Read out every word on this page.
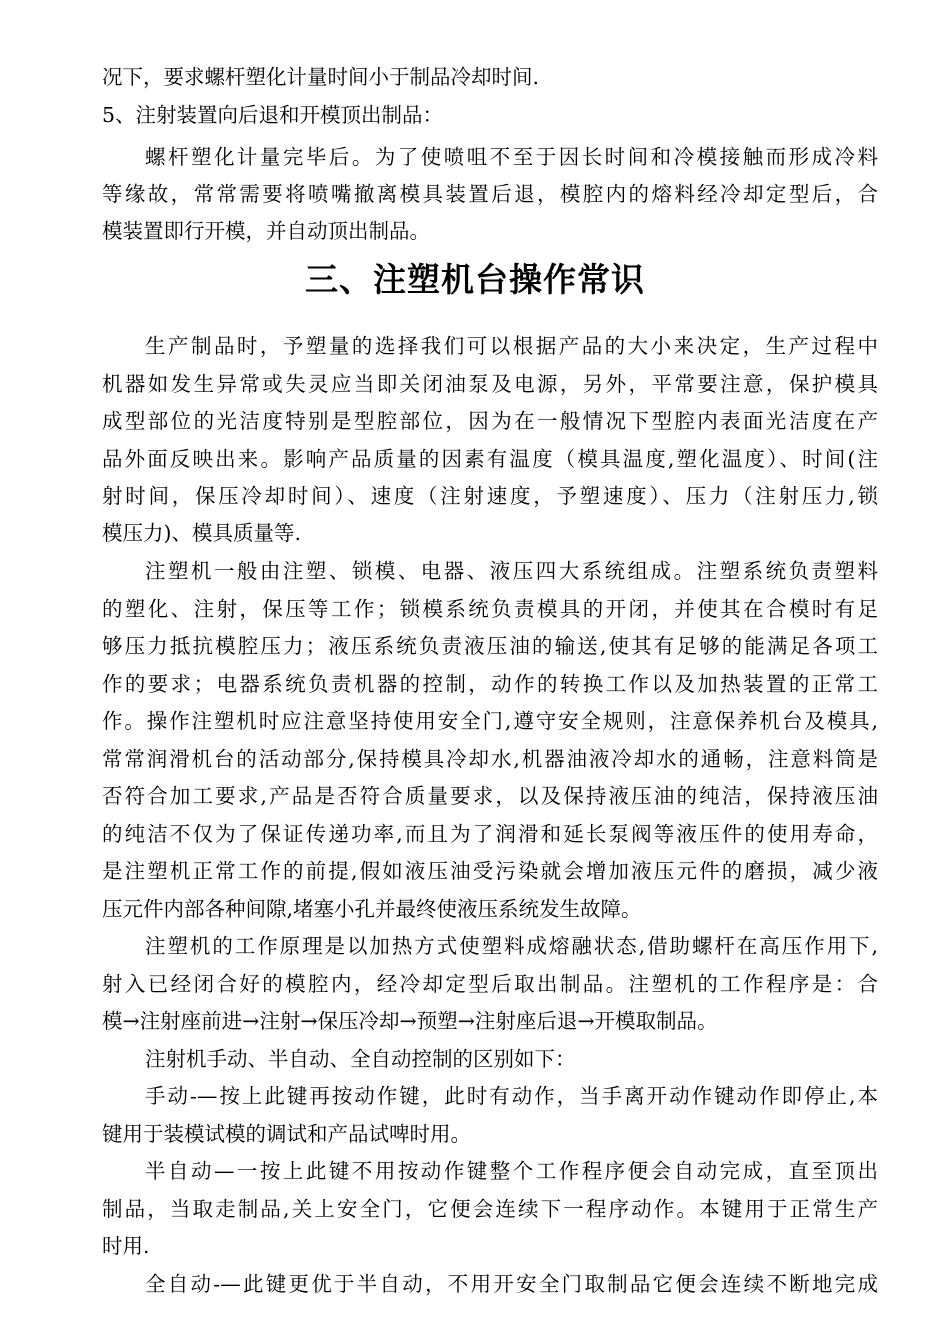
况下，要求螺杆塑化计量时间小于制品冷却时间.
5、注射装置向后退和开模顶出制品：
螺杆塑化计量完毕后。为了使喷咀不至于因长时间和冷模接触而形成冷料
等缘故，常常需要将喷嘴撤离模具装置后退，模腔内的熔料经冷却定型后，合
模装置即行开模，并自动顶出制品。
三、注塑机台操作常识
生产制品时，予塑量的选择我们可以根据产品的大小来决定，生产过程中
机器如发生异常或失灵应当即关闭油泵及电源，另外，平常要注意，保护模具
成型部位的光洁度特别是型腔部位，因为在一般情况下型腔内表面光洁度在产
品外面反映出来。影响产品质量的因素有温度（模具温度,塑化温度）、时间(注
射时间，保压冷却时间）、速度（注射速度，予塑速度）、压力（注射压力,锁
模压力)、模具质量等.
注塑机一般由注塑、锁模、电器、液压四大系统组成。注塑系统负责塑料
的塑化、注射，保压等工作；锁模系统负责模具的开闭，并使其在合模时有足
够压力抵抗模腔压力；液压系统负责液压油的输送,使其有足够的能满足各项工
作的要求；电器系统负责机器的控制，动作的转换工作以及加热装置的正常工
作。操作注塑机时应注意坚持使用安全门,遵守安全规则，注意保养机台及模具,
常常润滑机台的活动部分,保持模具冷却水,机器油液冷却水的通畅，注意料筒是
否符合加工要求,产品是否符合质量要求，以及保持液压油的纯洁，保持液压油
的纯洁不仅为了保证传递功率,而且为了润滑和延长泵阀等液压件的使用寿命，
是注塑机正常工作的前提,假如液压油受污染就会增加液压元件的磨损，减少液
压元件内部各种间隙,堵塞小孔并最终使液压系统发生故障。
注塑机的工作原理是以加热方式使塑料成熔融状态,借助螺杆在高压作用下,
射入已经闭合好的模腔内，经冷却定型后取出制品。注塑机的工作程序是：合
模→注射座前进→注射→保压冷却→预塑→注射座后退→开模取制品。
注射机手动、半自动、全自动控制的区别如下：
手动-—按上此键再按动作键，此时有动作，当手离开动作键动作即停止,本
键用于装模试模的调试和产品试啤时用。
半自动—一按上此键不用按动作键整个工作程序便会自动完成，直至顶出
制品，当取走制品,关上安全门，它便会连续下一程序动作。本键用于正常生产
时用.
全自动-—此键更优于半自动，不用开安全门取制品它便会连续不断地完成
